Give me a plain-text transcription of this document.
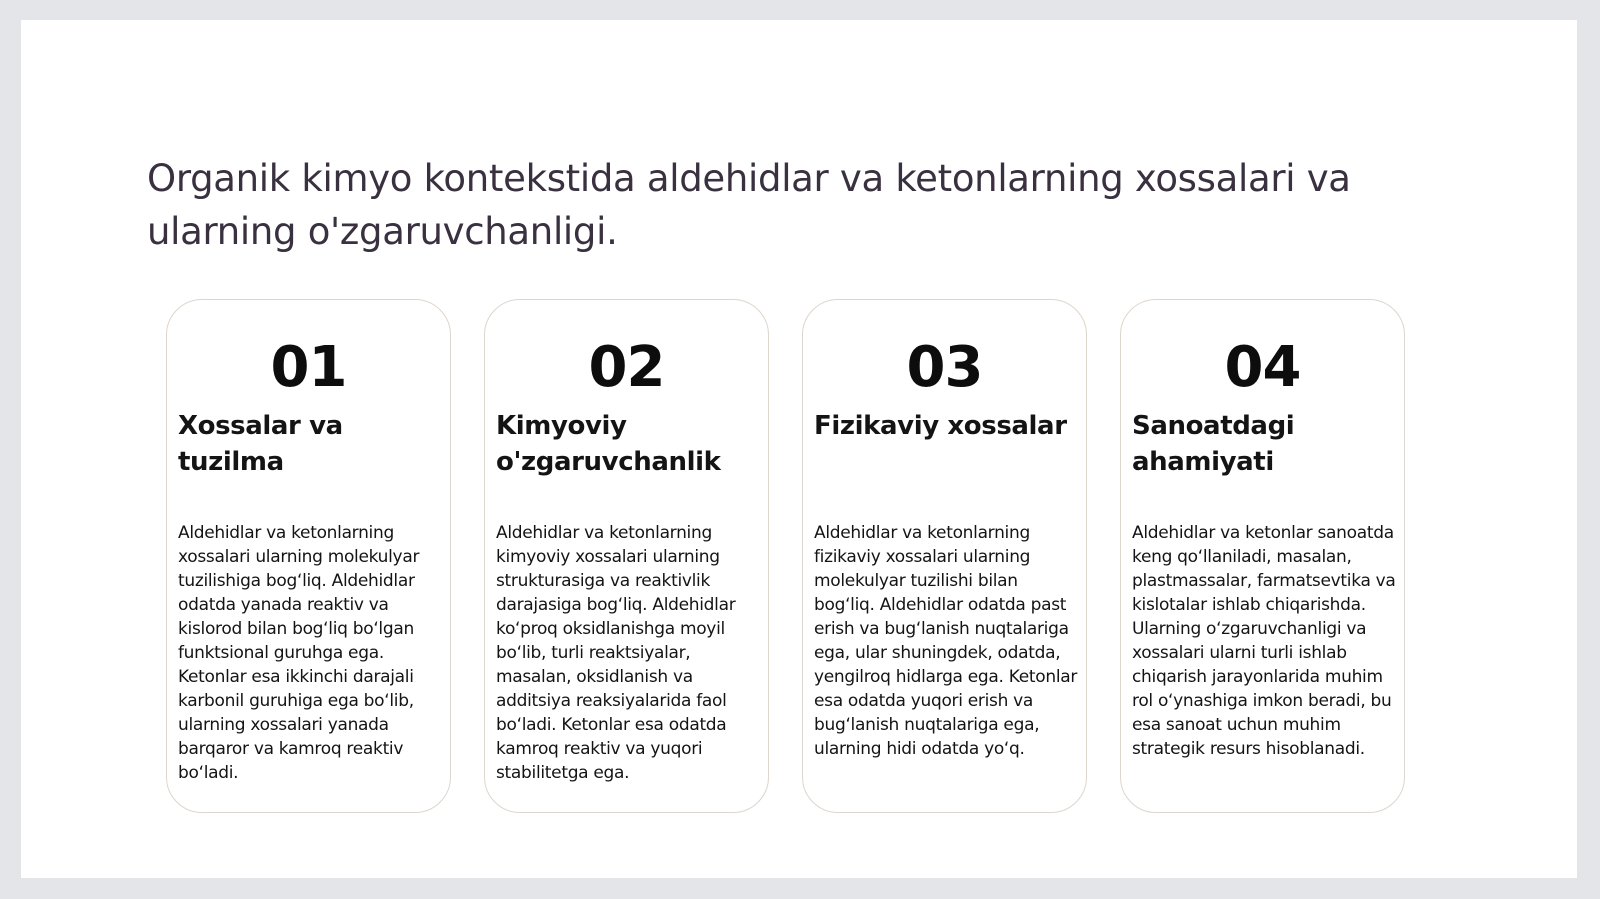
Organik kimyo kontekstida aldehidlar va ketonlarning xossalari va ularning o'zgaruvchanligi.
01
Xossalar va tuzilma

Aldehidlar va ketonlarning xossalari ularning molekulyar tuzilishiga bog‘liq. Aldehidlar odatda yanada reaktiv va kislorod bilan bog‘liq bo‘lgan funktsional guruhga ega. Ketonlar esa ikkinchi darajali karbonil guruhiga ega bo‘lib, ularning xossalari yanada barqaror va kamroq reaktiv bo‘ladi.

02
Kimyoviy o'zgaruvchanlik

Aldehidlar va ketonlarning kimyoviy xossalari ularning strukturasiga va reaktivlik darajasiga bog‘liq. Aldehidlar ko‘proq oksidlanishga moyil bo‘lib, turli reaktsiyalar, masalan, oksidlanish va additsiya reaksiyalarida faol bo‘ladi. Ketonlar esa odatda kamroq reaktiv va yuqori stabilitetga ega.

03
Fizikaviy xossalar

Aldehidlar va ketonlarning fizikaviy xossalari ularning molekulyar tuzilishi bilan bog‘liq. Aldehidlar odatda past erish va bug‘lanish nuqtalariga ega, ular shuningdek, odatda, yengilroq hidlarga ega. Ketonlar esa odatda yuqori erish va bug‘lanish nuqtalariga ega, ularning hidi odatda yo‘q.

04
Sanoatdagi ahamiyati

Aldehidlar va ketonlar sanoatda keng qo‘llaniladi, masalan, plastmassalar, farmatsevtika va kislotalar ishlab chiqarishda. Ularning o‘zgaruvchanligi va xossalari ularni turli ishlab chiqarish jarayonlarida muhim rol o‘ynashiga imkon beradi, bu esa sanoat uchun muhim strategik resurs hisoblanadi.
